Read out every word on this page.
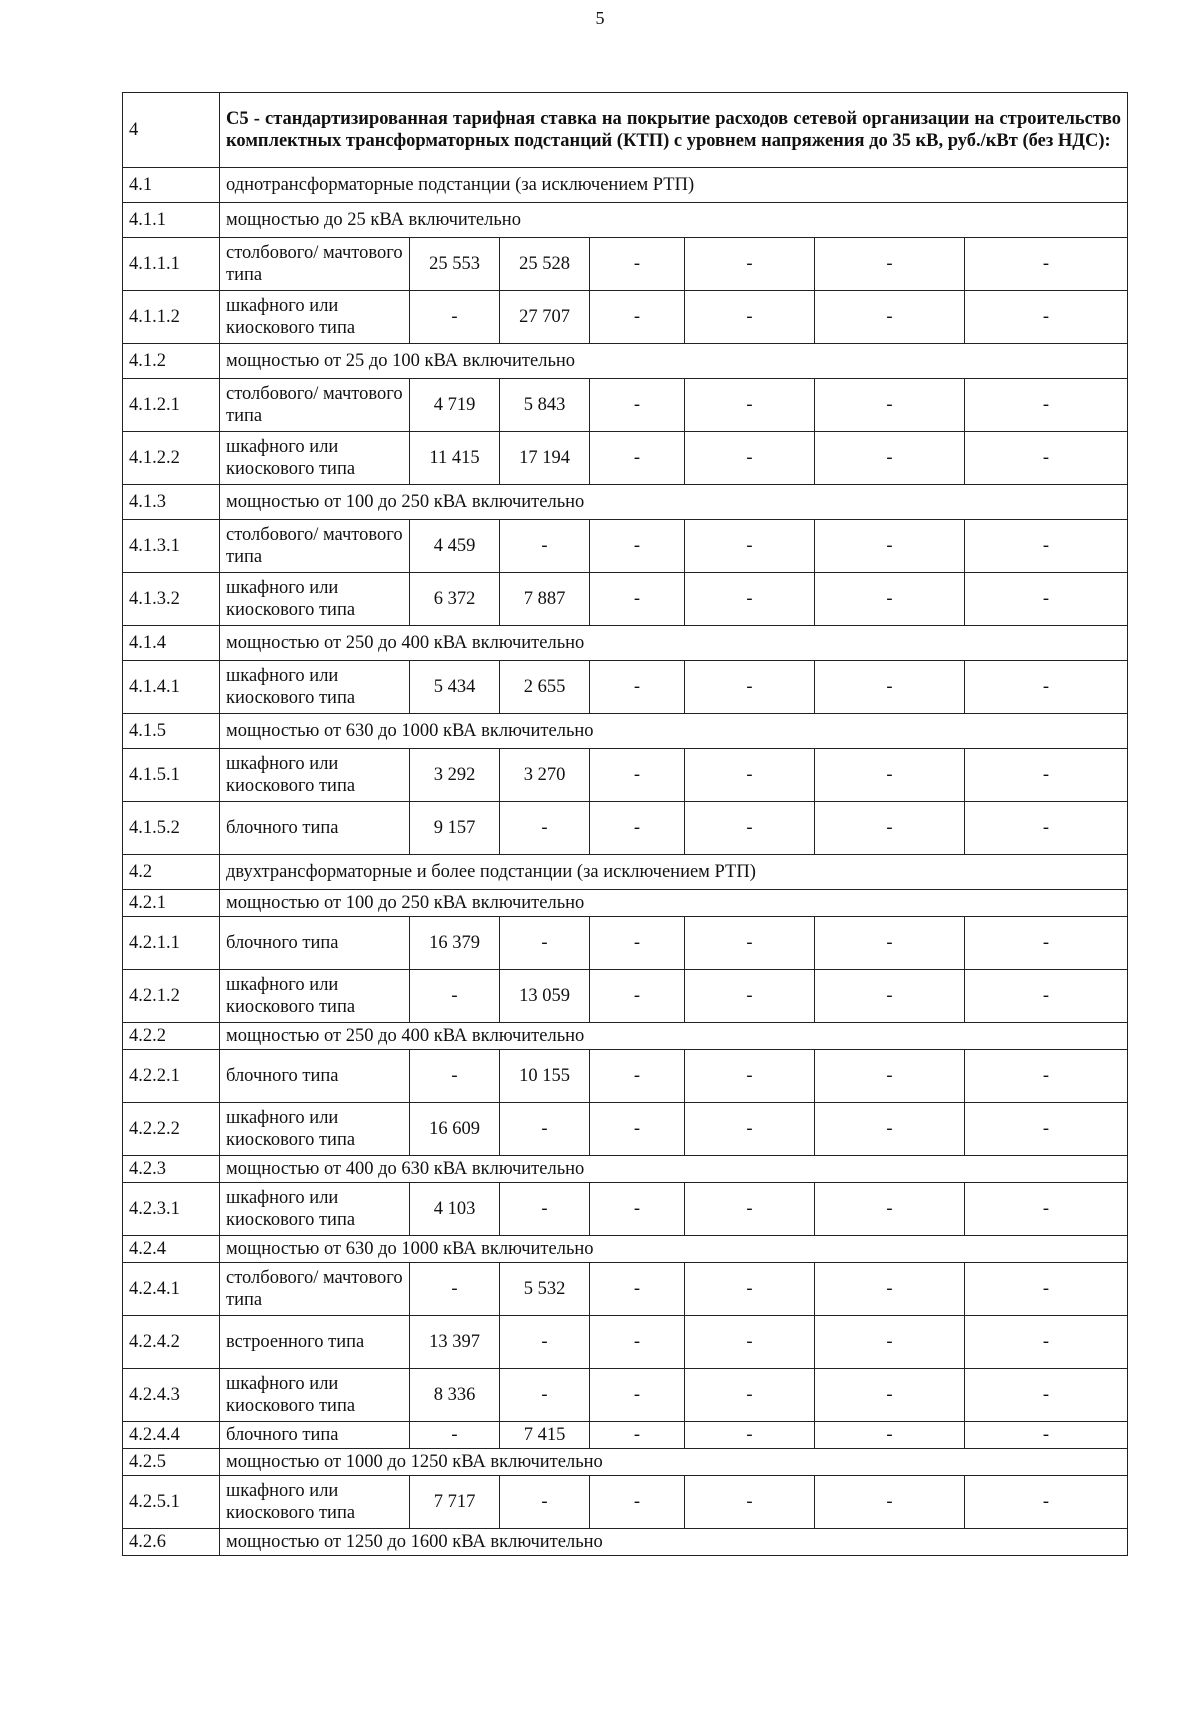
5
4	С5 - стандартизированная тарифная ставка на покрытие расходов сетевой организации на строительство комплектных трансформаторных подстанций (КТП) с уровнем напряжения до 35 кВ, руб./кВт (без НДС):						
4.1	однотрансформаторные подстанции (за исключением РТП)						
4.1.1	мощностью до 25 кВА включительно						
4.1.1.1	столбового/ мачтового типа	25 553	25 528	-	-	-	-
4.1.1.2	шкафного или киоскового типа	-	27 707	-	-	-	-
4.1.2	мощностью от 25 до 100 кВА включительно						
4.1.2.1	столбового/ мачтового типа	4 719	5 843	-	-	-	-
4.1.2.2	шкафного или киоскового типа	11 415	17 194	-	-	-	-
4.1.3	мощностью от 100 до 250 кВА включительно						
4.1.3.1	столбового/ мачтового типа	4 459	-	-	-	-	-
4.1.3.2	шкафного или киоскового типа	6 372	7 887	-	-	-	-
4.1.4	мощностью от 250 до 400 кВА включительно						
4.1.4.1	шкафного или киоскового типа	5 434	2 655	-	-	-	-
4.1.5	мощностью от 630 до 1000 кВА включительно						
4.1.5.1	шкафного или киоскового типа	3 292	3 270	-	-	-	-
4.1.5.2	блочного типа	9 157	-	-	-	-	-
4.2	двухтрансформаторные и более подстанции (за исключением РТП)						
4.2.1	мощностью от 100 до 250 кВА включительно						
4.2.1.1	блочного типа	16 379	-	-	-	-	-
4.2.1.2	шкафного или киоскового типа	-	13 059	-	-	-	-
4.2.2	мощностью от 250 до 400 кВА включительно						
4.2.2.1	блочного типа	-	10 155	-	-	-	-
4.2.2.2	шкафного или киоскового типа	16 609	-	-	-	-	-
4.2.3	мощностью от 400 до 630 кВА включительно						
4.2.3.1	шкафного или киоскового типа	4 103	-	-	-	-	-
4.2.4	мощностью от 630 до 1000 кВА включительно						
4.2.4.1	столбового/ мачтового типа	-	5 532	-	-	-	-
4.2.4.2	встроенного типа	13 397	-	-	-	-	-
4.2.4.3	шкафного или киоскового типа	8 336	-	-	-	-	-
4.2.4.4	блочного типа	-	7 415	-	-	-	-
4.2.5	мощностью от 1000 до 1250 кВА включительно						
4.2.5.1	шкафного или киоскового типа	7 717	-	-	-	-	-
4.2.6	мощностью от 1250 до 1600 кВА включительно						
